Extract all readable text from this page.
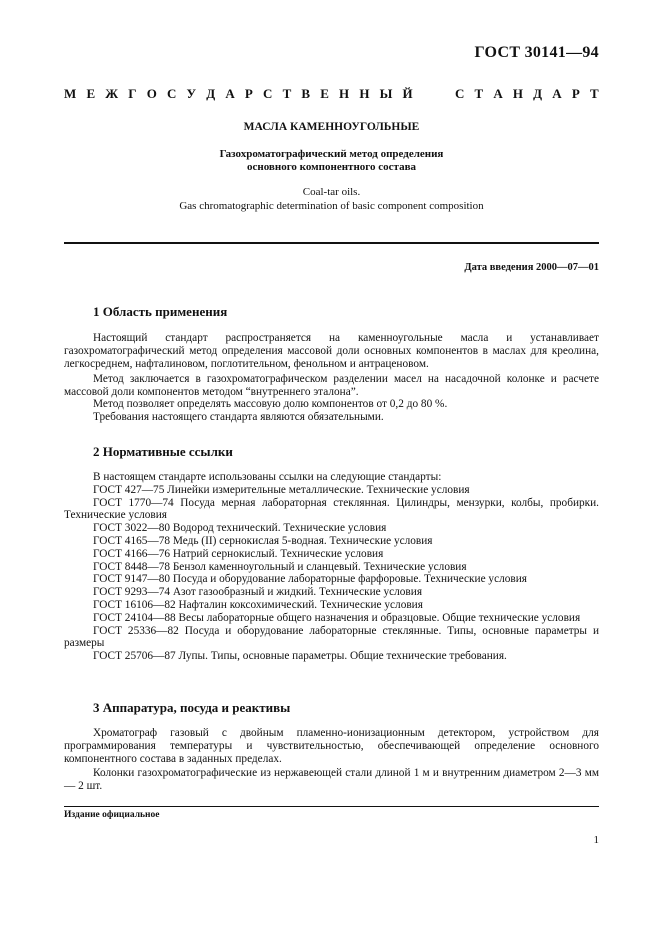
ГОСТ 30141—94
М Е Ж Г О С У Д А Р С Т В Е Н Н Ы Й	С Т А Н Д А Р Т
МАСЛА КАМЕННОУГОЛЬНЫЕ
Газохроматографический метод определения
основного компонентного состава
Coal-tar oils.
Gas chromatographic determination of basic component composition
Дата введения 2000—07—01
1 Область применения
Настоящий стандарт распространяется на каменноугольные масла и устанавливает газохроматографический метод определения массовой доли основных компонентов в маслах для креолина, легкосреднем, нафталиновом, поглотительном, фенольном и антраценовом.
Метод заключается в газохроматографическом разделении масел на насадочной колонке и расчете массовой доли компонентов методом “внутреннего эталона”.
Метод позволяет определять массовую долю компонентов от 0,2 до 80 %.
Требования настоящего стандарта являются обязательными.
2 Нормативные ссылки
В настоящем стандарте использованы ссылки на следующие стандарты:
ГОСТ 427—75 Линейки измерительные металлические. Технические условия
ГОСТ 1770—74 Посуда мерная лабораторная стеклянная. Цилиндры, мензурки, колбы, пробирки. Технические условия
ГОСТ 3022—80 Водород технический. Технические условия
ГОСТ 4165—78 Медь (II) сернокислая 5-водная. Технические условия
ГОСТ 4166—76 Натрий сернокислый. Технические условия
ГОСТ 8448—78 Бензол каменноугольный и сланцевый. Технические условия
ГОСТ 9147—80 Посуда и оборудование лабораторные фарфоровые. Технические условия
ГОСТ 9293—74 Азот газообразный и жидкий. Технические условия
ГОСТ 16106—82 Нафталин коксохимический. Технические условия
ГОСТ 24104—88 Весы лабораторные общего назначения и образцовые. Общие технические условия
ГОСТ 25336—82 Посуда и оборудование лабораторные стеклянные. Типы, основные параметры и размеры
ГОСТ 25706—87 Лупы. Типы, основные параметры. Общие технические требования.
3 Аппаратура, посуда и реактивы
Хроматограф газовый с двойным пламенно-ионизационным детектором, устройством для программирования температуры и чувствительностью, обеспечивающей определение основного компонентного состава в заданных пределах.
Колонки газохроматографические из нержавеющей стали длиной 1 м и внутренним диаметром 2—3 мм — 2 шт.
Издание официальное
1
